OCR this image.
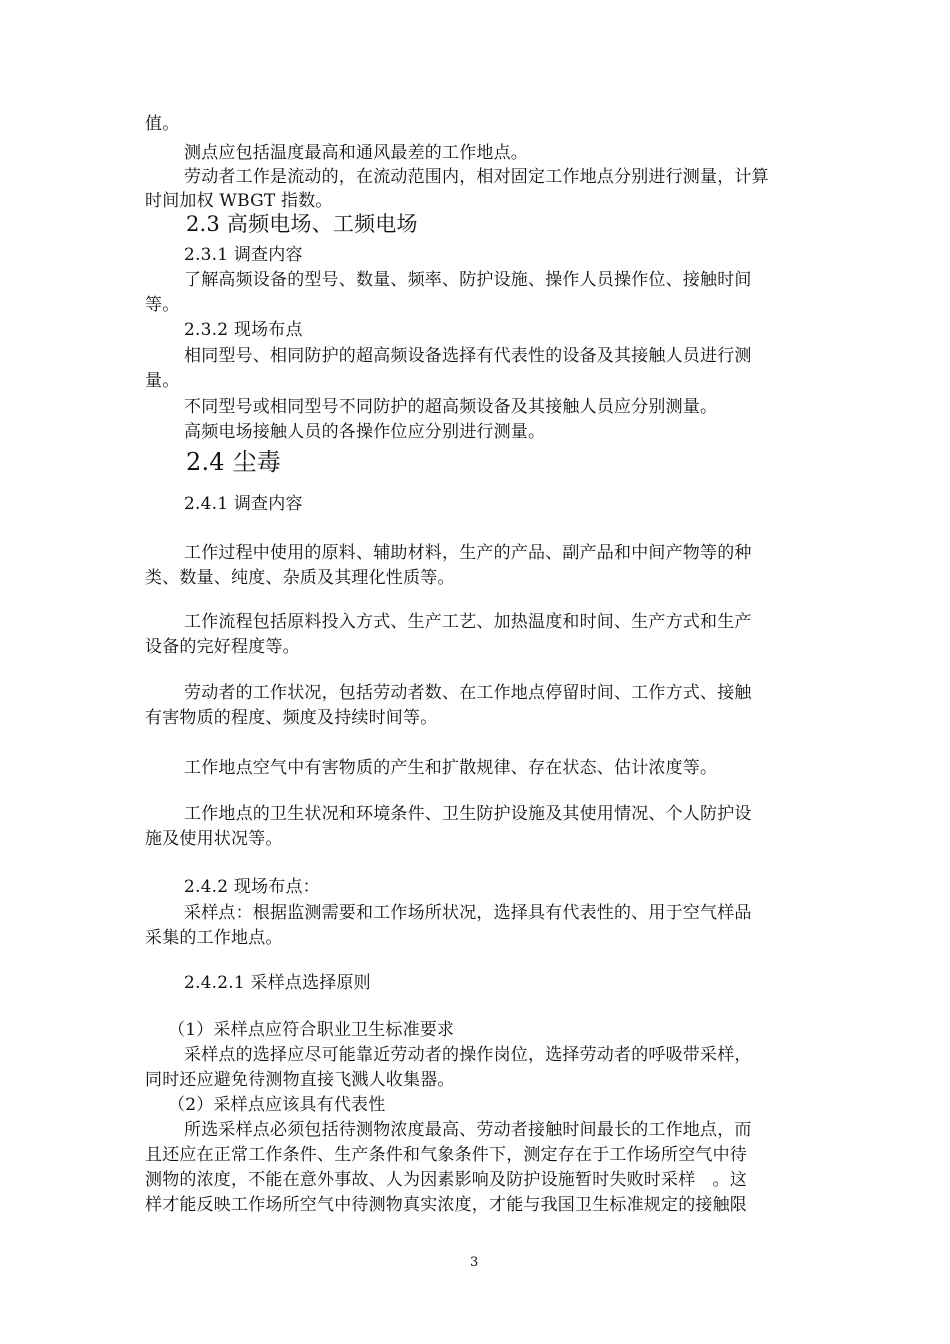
值。
测点应包括温度最高和通风最差的工作地点。
劳动者工作是流动的，在流动范围内，相对固定工作地点分别进行测量，计算
时间加权 WBGT 指数。
2.3 高频电场、工频电场
2.3.1 调查内容
了解高频设备的型号、数量、频率、防护设施、操作人员操作位、接触时间
等。
2.3.2 现场布点
相同型号、相同防护的超高频设备选择有代表性的设备及其接触人员进行测
量。
不同型号或相同型号不同防护的超高频设备及其接触人员应分别测量。
高频电场接触人员的各操作位应分别进行测量。
2.4 尘毒
2.4.1 调查内容
工作过程中使用的原料、辅助材料，生产的产品、副产品和中间产物等的种
类、数量、纯度、杂质及其理化性质等。
工作流程包括原料投入方式、生产工艺、加热温度和时间、生产方式和生产
设备的完好程度等。
劳动者的工作状况，包括劳动者数、在工作地点停留时间、工作方式、接触
有害物质的程度、频度及持续时间等。
工作地点空气中有害物质的产生和扩散规律、存在状态、估计浓度等。
工作地点的卫生状况和环境条件、卫生防护设施及其使用情况、个人防护设
施及使用状况等。
2.4.2 现场布点：
采样点：根据监测需要和工作场所状况，选择具有代表性的、用于空气样品
采集的工作地点。
2.4.2.1 采样点选择原则
（1）采样点应符合职业卫生标准要求
采样点的选择应尽可能靠近劳动者的操作岗位，选择劳动者的呼吸带采样，
同时还应避免待测物直接飞溅人收集器。
（2）采样点应该具有代表性
所选采样点必须包括待测物浓度最高、劳动者接触时间最长的工作地点，而
且还应在正常工作条件、生产条件和气象条件下，测定存在于工作场所空气中待
测物的浓度，不能在意外事故、人为因素影响及防护设施暂时失败时采样　。这
样才能反映工作场所空气中待测物真实浓度，才能与我国卫生标准规定的接触限
3
